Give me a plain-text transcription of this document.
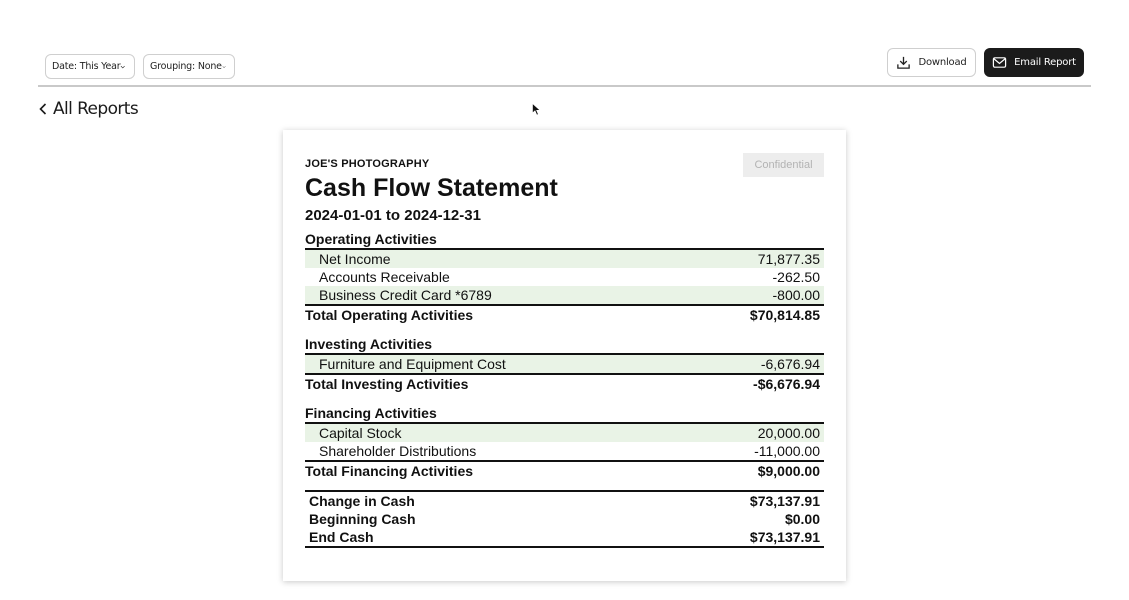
Date: This Year	Grouping: None	Download	Email Report
All Reports
JOE'S PHOTOGRAPHY	Confidential
Cash Flow Statement
2024-01-01 to 2024-12-31
Operating Activities
Net Income	71,877.35
Accounts Receivable	-262.50
Business Credit Card *6789	-800.00
Total Operating Activities	$70,814.85
Investing Activities
Furniture and Equipment Cost	-6,676.94
Total Investing Activities	-$6,676.94
Financing Activities
Capital Stock	20,000.00
Shareholder Distributions	-11,000.00
Total Financing Activities	$9,000.00
Change in Cash	$73,137.91
Beginning Cash	$0.00
End Cash	$73,137.91
